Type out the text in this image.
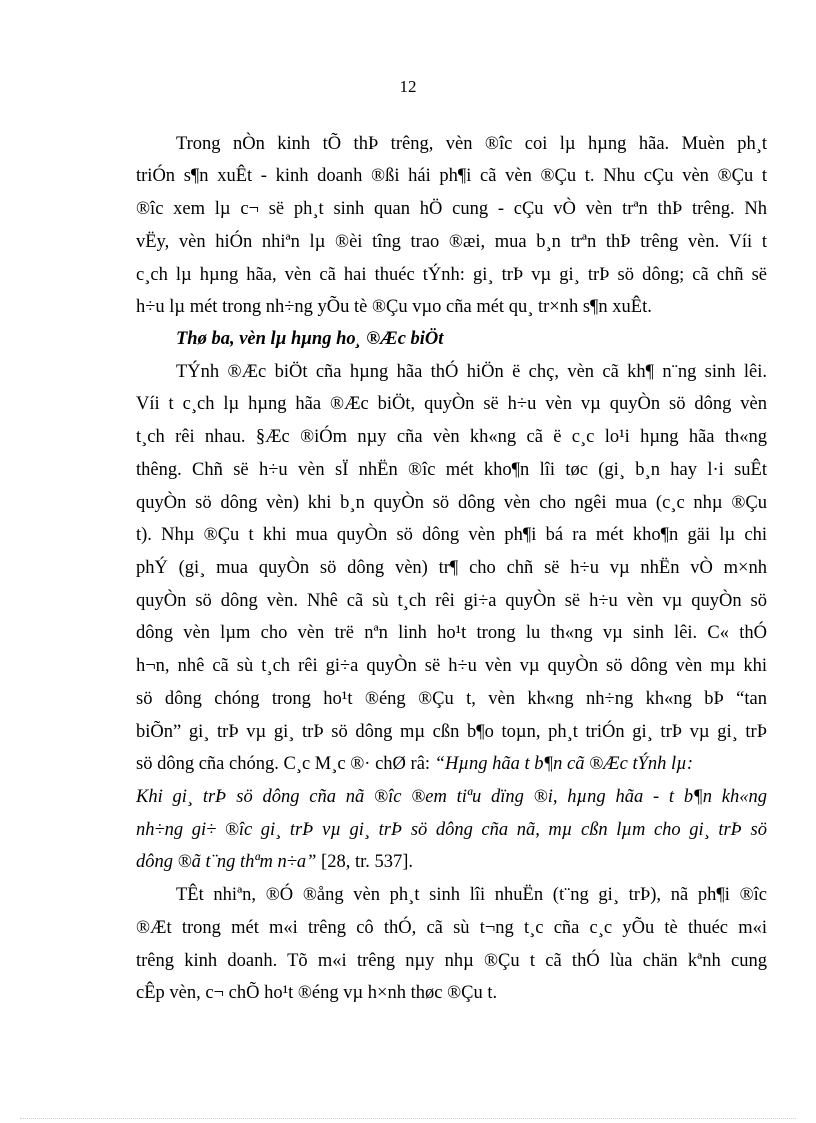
12
Trong nÒn kinh tÕ thÞ trêng, vèn ®îc coi lµ hµng hãa. Muèn ph¸t
triÓn s¶n xuÊt - kinh doanh ®ßi hái ph¶i cã vèn ®Çu t. Nhu cÇu vèn ®Çu t
®îc xem lµ c¬ së ph¸t sinh quan hÖ cung - cÇu vÒ vèn trªn thÞ trêng. Nh
vËy, vèn hiÓn nhiªn lµ ®èi tîng trao ®æi, mua b¸n trªn thÞ trêng vèn. Víi t
c¸ch lµ hµng hãa, vèn cã hai thuéc tÝnh: gi¸ trÞ vµ gi¸ trÞ sö dông; cã chñ së
h÷u lµ mét trong nh÷ng yÕu tè ®Çu vµo cña mét qu¸ tr×nh s¶n xuÊt.
Thø ba, vèn lµ hµng ho¸ ®Æc biÖt
TÝnh ®Æc biÖt cña hµng hãa thÓ hiÖn ë chç, vèn cã kh¶ n¨ng sinh lêi.
Víi t c¸ch lµ hµng hãa ®Æc biÖt, quyÒn së h÷u vèn vµ quyÒn sö dông vèn
t¸ch rêi nhau. §Æc ®iÓm nµy cña vèn kh«ng cã ë c¸c lo¹i hµng hãa th«ng
thêng. Chñ së h÷u vèn sÏ nhËn ®îc mét kho¶n lîi tøc (gi¸ b¸n hay l·i suÊt
quyÒn sö dông vèn) khi b¸n quyÒn sö dông vèn cho ngêi mua (c¸c nhµ ®Çu
t). Nhµ ®Çu t khi mua quyÒn sö dông vèn ph¶i bá ra mét kho¶n gäi lµ chi
phÝ (gi¸ mua quyÒn sö dông vèn) tr¶ cho chñ së h÷u vµ nhËn vÒ m×nh
quyÒn sö dông vèn. Nhê cã sù t¸ch rêi gi÷a quyÒn së h÷u vèn vµ quyÒn sö
dông vèn lµm cho vèn trë nªn linh ho¹t trong lu th«ng vµ sinh lêi. C« thÓ
h¬n, nhê cã sù t¸ch rêi gi÷a quyÒn së h÷u vèn vµ quyÒn sö dông vèn mµ khi
sö dông chóng trong ho¹t ®éng ®Çu t, vèn kh«ng nh÷ng kh«ng bÞ “tan
biÕn” gi¸ trÞ vµ gi¸ trÞ sö dông mµ cßn b¶o toµn, ph¸t triÓn gi¸ trÞ vµ gi¸ trÞ
sö dông cña chóng. C¸c M¸c ®· chØ râ: “Hµng hãa t b¶n cã ®Æc tÝnh lµ:
Khi gi¸ trÞ sö dông cña nã ®îc ®em tiªu dïng ®i, hµng hãa - t b¶n kh«ng
nh÷ng gi÷ ®îc gi¸ trÞ vµ gi¸ trÞ sö dông cña nã, mµ cßn lµm cho gi¸ trÞ sö
dông ®ã t¨ng thªm n÷a” [28, tr. 537].
TÊt nhiªn, ®Ó ®ång vèn ph¸t sinh lîi nhuËn (t¨ng gi¸ trÞ), nã ph¶i ®îc
®Æt trong mét m«i trêng cô thÓ, cã sù t¬ng t¸c cña c¸c yÕu tè thuéc m«i
trêng kinh doanh. Tõ m«i trêng nµy nhµ ®Çu t cã thÓ lùa chän kªnh cung
cÊp vèn, c¬ chÕ ho¹t ®éng vµ h×nh thøc ®Çu t.
